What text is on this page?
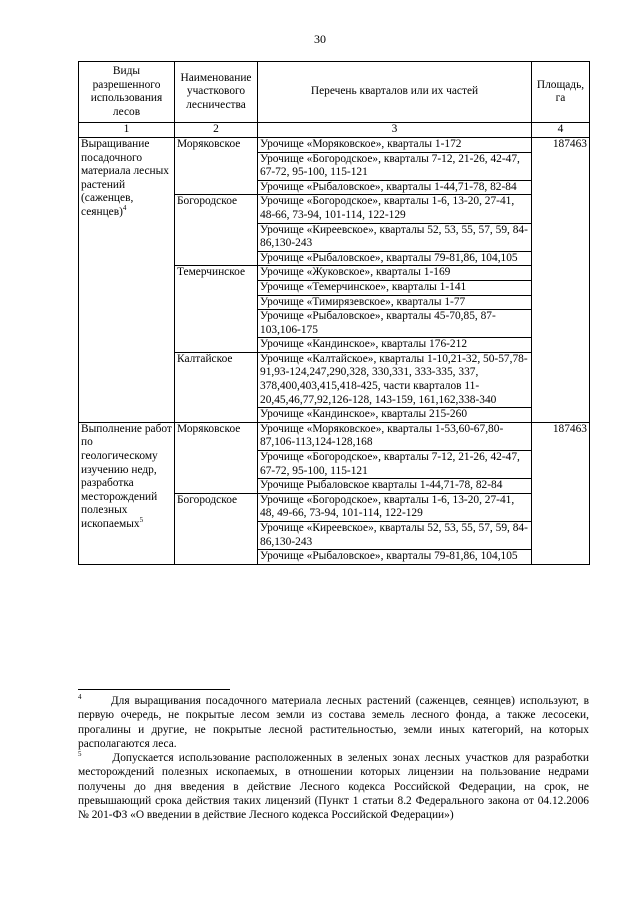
30
Виды разрешенного использования лесов	Наименование участкового лесничества	Перечень кварталов или их частей	Площадь, га
1	2	3	4
Выращивание посадочного материала лесных растений (саженцев, сеянцев)$^4$	Моряковское	Урочище «Моряковское», кварталы 1-172	187463
		Урочище «Богородское», кварталы 7-12, 21-26, 42-47, 67-72, 95-100, 115-121	
		Урочище «Рыбаловское», кварталы 1-44,71-78, 82-84	
	Богородское	Урочище «Богородское», кварталы 1-6, 13-20, 27-41, 48-66, 73-94, 101-114, 122-129	
		Урочище «Киреевское», кварталы 52, 53, 55, 57, 59, 84-86,130-243	
		Урочище «Рыбаловское», кварталы 79-81,86, 104,105	
	Темерчинское	Урочище «Жуковское», кварталы 1-169	
		Урочище «Темерчинское», кварталы 1-141	
		Урочище «Тимирязевское», кварталы 1-77	
		Урочище «Рыбаловское», кварталы 45-70,85, 87-103,106-175	
		Урочище «Кандинское», кварталы 176-212	
	Калтайское	Урочище «Калтайское», кварталы 1-10,21-32, 50-57,78-91,93-124,247,290,328, 330,331, 333-335, 337, 378,400,403,415,418-425, части кварталов 11-20,45,46,77,92,126-128, 143-159, 161,162,338-340	
		Урочище «Кандинское», кварталы 215-260	
Выполнение работ по геологическому изучению недр, разработка месторождений полезных ископаемых$^5$	Моряковское	Урочище «Моряковское», кварталы 1-53,60-67,80-87,106-113,124-128,168	187463
		Урочище «Богородское», кварталы 7-12, 21-26, 42-47, 67-72, 95-100, 115-121	
		Урочище Рыбаловское кварталы 1-44,71-78, 82-84	
	Богородское	Урочище «Богородское», кварталы 1-6, 13-20, 27-41, 48, 49-66, 73-94, 101-114, 122-129	
		Урочище «Киреевское», кварталы 52, 53, 55, 57, 59, 84-86,130-243	
		Урочище «Рыбаловское», кварталы 79-81,86, 104,105	

$^4$	Для выращивания посадочного материала лесных растений (саженцев, сеянцев) используют, в первую очередь, не покрытые лесом земли из состава земель лесного фонда, а также лесосеки, прогалины и другие, не покрытые лесной растительностью, земли иных категорий, на которых располагаются леса.

$^5$	Допускается использование расположенных в зеленых зонах лесных участков для разработки месторождений полезных ископаемых, в отношении которых лицензии на пользование недрами получены до дня введения в действие Лесного кодекса Российской Федерации, на срок, не превышающий срока действия таких лицензий (Пункт 1 статьи 8.2 Федерального закона от 04.12.2006 № 201-ФЗ «О введении в действие Лесного кодекса Российской Федерации»)
